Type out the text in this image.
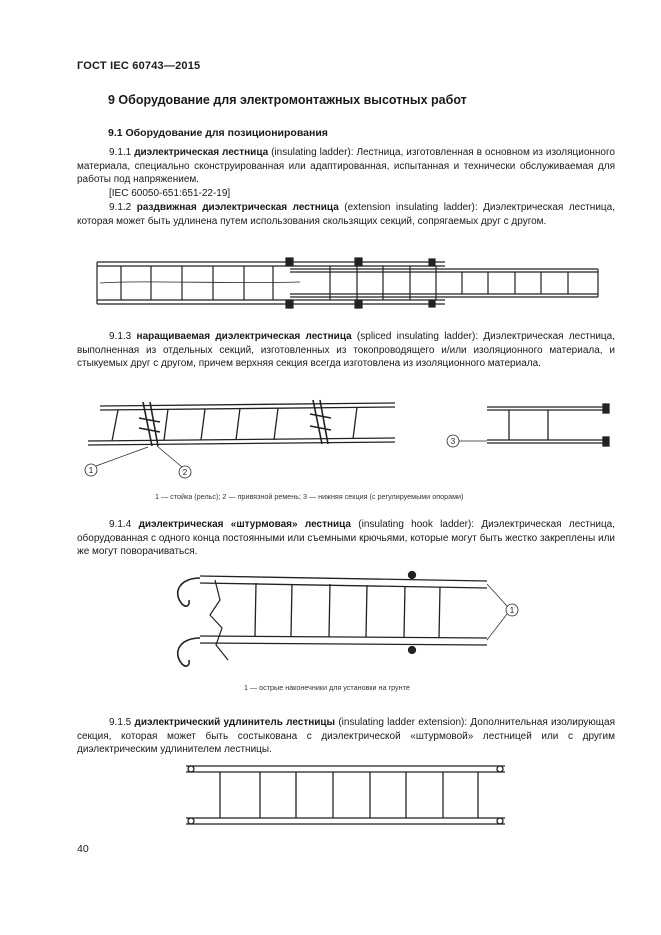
ГОСТ IEC 60743—2015
9 Оборудование для электромонтажных высотных работ
9.1 Оборудование для позиционирования
9.1.1 диэлектрическая лестница (insulating ladder): Лестница, изготовленная в основном из изоляционного материала, специально сконструированная или адаптированная, испытанная и технически обслуживаемая для работы под напряжением.
[IEC 60050-651:651-22-19]
9.1.2 раздвижная диэлектрическая лестница (extension insulating ladder): Диэлектрическая лестница, которая может быть удлинена путем использования скользящих секций, сопрягаемых друг с другом.
9.1.3 наращиваемая диэлектрическая лестница (spliced insulating ladder): Диэлектрическая лестница, выполненная из отдельных секций, изготовленных из токопроводящего и/или изоляционного материала, и стыкуемых друг с другом, причем верхняя секция всегда изготовлена из изоляционного материала.
1	2
3
1 — стойка (рельс); 2 — привязной ремень; 3 — нижняя секция (с регулируемыми опорами)
9.1.4 диэлектрическая «штурмовая» лестница (insulating hook ladder): Диэлектрическая лестница, оборудованная с одного конца постоянными или съемными крючьями, которые могут быть жестко закреплены или же могут поворачиваться.
1
1 — острые наконечники для установки на грунте
9.1.5 диэлектрический удлинитель лестницы (insulating ladder extension): Дополнительная изолирующая секция, которая может быть состыкована с диэлектрической «штурмовой» лестницей или с другим диэлектрическим удлинителем лестницы.
40
